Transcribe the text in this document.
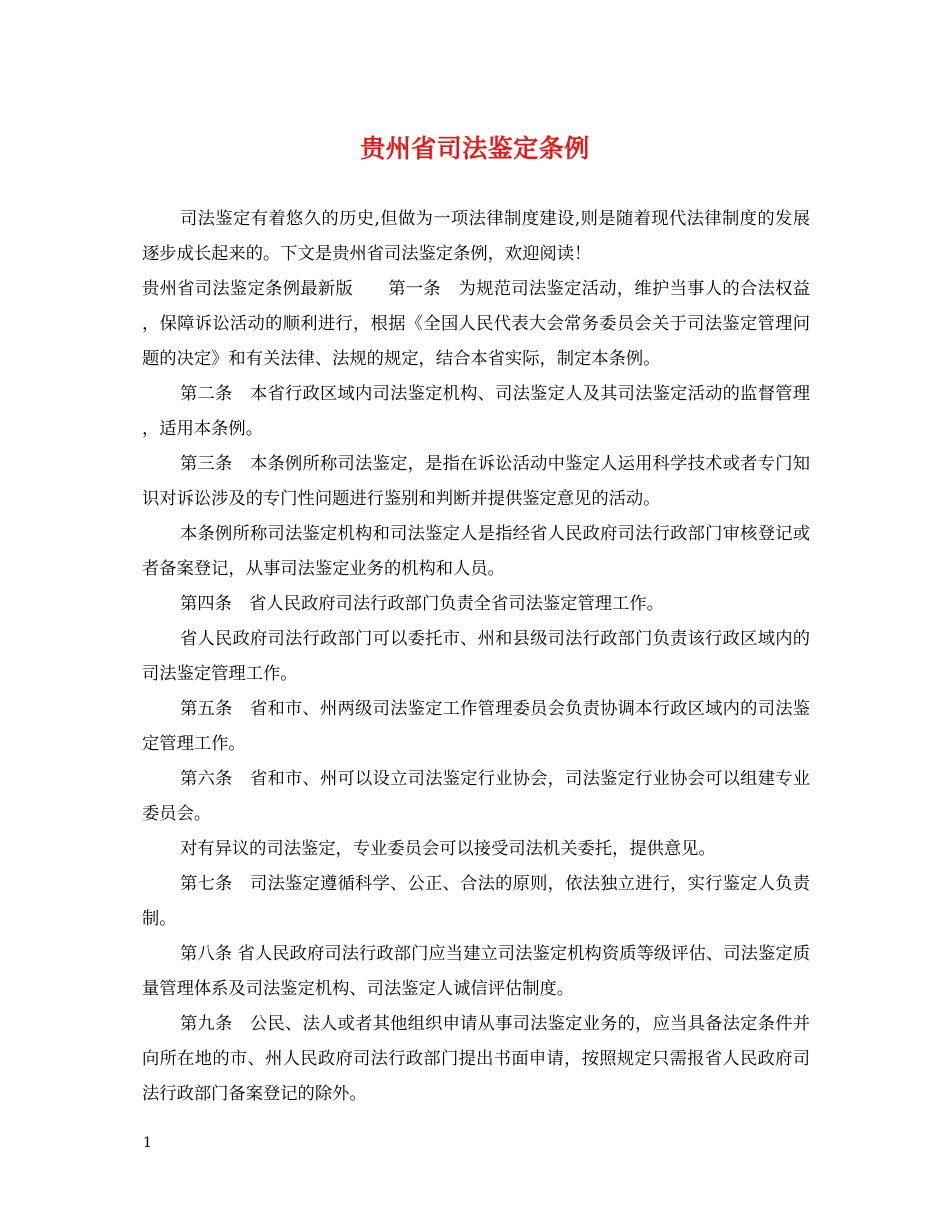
贵州省司法鉴定条例

司法鉴定有着悠久的历史,但做为一项法律制度建设,则是随着现代法律制度的发展逐步成长起来的。下文是贵州省司法鉴定条例，欢迎阅读！

贵州省司法鉴定条例最新版　　第一条　为规范司法鉴定活动，维护当事人的合法权益，保障诉讼活动的顺利进行，根据《全国人民代表大会常务委员会关于司法鉴定管理问题的决定》和有关法律、法规的规定，结合本省实际，制定本条例。

第二条　本省行政区域内司法鉴定机构、司法鉴定人及其司法鉴定活动的监督管理，适用本条例。

第三条　本条例所称司法鉴定，是指在诉讼活动中鉴定人运用科学技术或者专门知识对诉讼涉及的专门性问题进行鉴别和判断并提供鉴定意见的活动。

本条例所称司法鉴定机构和司法鉴定人是指经省人民政府司法行政部门审核登记或者备案登记，从事司法鉴定业务的机构和人员。

第四条　省人民政府司法行政部门负责全省司法鉴定管理工作。

省人民政府司法行政部门可以委托市、州和县级司法行政部门负责该行政区域内的司法鉴定管理工作。

第五条　省和市、州两级司法鉴定工作管理委员会负责协调本行政区域内的司法鉴定管理工作。

第六条　省和市、州可以设立司法鉴定行业协会，司法鉴定行业协会可以组建专业委员会。

对有异议的司法鉴定，专业委员会可以接受司法机关委托，提供意见。

第七条　司法鉴定遵循科学、公正、合法的原则，依法独立进行，实行鉴定人负责制。

第八条 省人民政府司法行政部门应当建立司法鉴定机构资质等级评估、司法鉴定质量管理体系及司法鉴定机构、司法鉴定人诚信评估制度。

第九条　公民、法人或者其他组织申请从事司法鉴定业务的，应当具备法定条件并向所在地的市、州人民政府司法行政部门提出书面申请，按照规定只需报省人民政府司法行政部门备案登记的除外。

1
